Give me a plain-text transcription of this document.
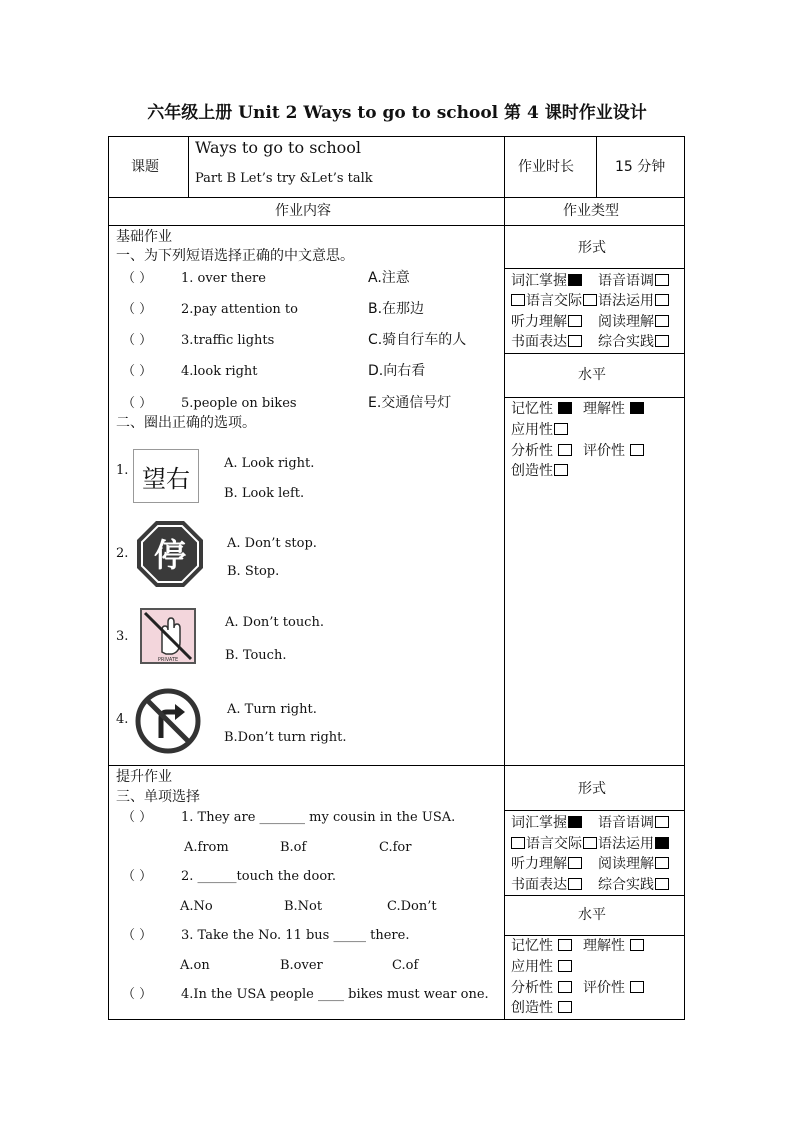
六年级上册 Unit 2 Ways to go to school 第 4 课时作业设计
课题
Ways to go to school
Part B Let’s try &Let’s talk
作业时长	15 分钟
作业内容	作业类型
基础作业
一、为下列短语选择正确的中文意思。
（ ） 1. over there	A.注意
（ ） 2.pay attention to	B.在那边
（ ） 3.traffic lights	C.骑自行车的人
（ ） 4.look right	D.向右看
（ ） 5.people on bikes	E.交通信号灯
二、圈出正确的选项。
1. 望右
A. Look right.
B. Look left.
2. 停	A. Don’t stop.
B. Stop.
3.
PRIVATE
A. Don’t touch.
B. Touch.
4.
A. Turn right.
B.Don’t turn right.
形式
词汇掌握	语音语调
语言交际	语法运用
听力理解	阅读理解
书面表达	综合实践
水平
记忆性	理解性
应用性
分析性	评价性
创造性
提升作业
三、单项选择
（ ） 1. They are _______ my cousin in the USA.
A.from	B.of	C.for
（ ） 2. ______touch the door.
A.No	B.Not	C.Don’t
（ ） 3. Take the No. 11 bus _____ there.
A.on	B.over	C.of
（ ） 4.In the USA people ____ bikes must wear one.
形式
词汇掌握	语音语调
语言交际	语法运用
听力理解	阅读理解
书面表达	综合实践
水平
记忆性	理解性
应用性
分析性	评价性
创造性
